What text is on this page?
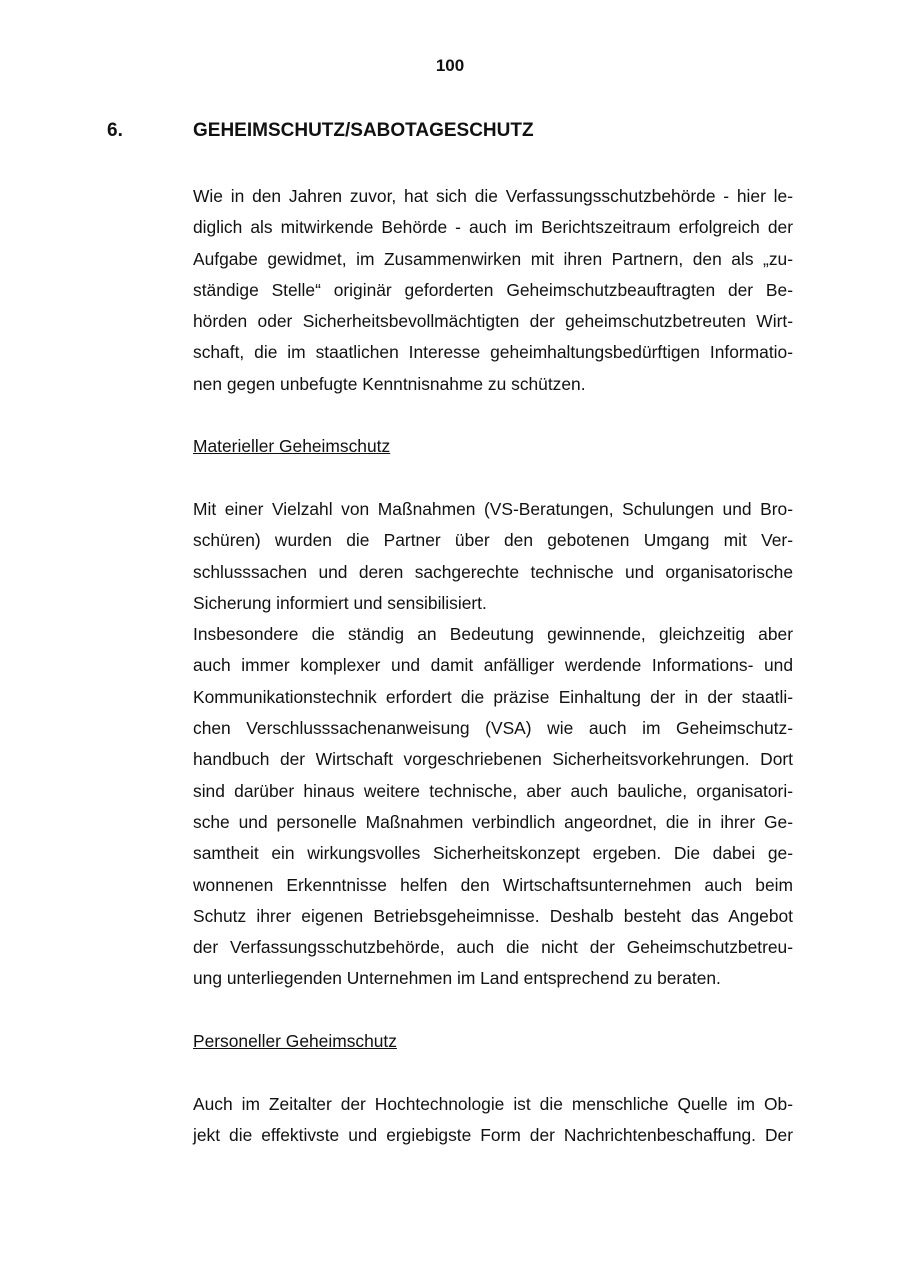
100
6.	GEHEIMSCHUTZ/SABOTAGESCHUTZ

Wie in den Jahren zuvor, hat sich die Verfassungsschutzbehörde - hier le-
diglich als mitwirkende Behörde - auch im Berichtszeitraum erfolgreich der
Aufgabe gewidmet, im Zusammenwirken mit ihren Partnern, den als „zu-
ständige Stelle“ originär geforderten Geheimschutzbeauftragten der Be-
hörden oder Sicherheitsbevollmächtigten der geheimschutzbetreuten Wirt-
schaft, die im staatlichen Interesse geheimhaltungsbedürftigen Informatio-
nen gegen unbefugte Kenntnisnahme zu schützen.

Materieller Geheimschutz

Mit einer Vielzahl von Maßnahmen (VS-Beratungen, Schulungen und Bro-
schüren) wurden die Partner über den gebotenen Umgang mit Ver-
schlusssachen und deren sachgerechte technische und organisatorische
Sicherung informiert und sensibilisiert.

Insbesondere die ständig an Bedeutung gewinnende, gleichzeitig aber
auch immer komplexer und damit anfälliger werdende Informations- und
Kommunikationstechnik erfordert die präzise Einhaltung der in der staatli-
chen Verschlusssachenanweisung (VSA) wie auch im Geheimschutz-
handbuch der Wirtschaft vorgeschriebenen Sicherheitsvorkehrungen. Dort
sind darüber hinaus weitere technische, aber auch bauliche, organisatori-
sche und personelle Maßnahmen verbindlich angeordnet, die in ihrer Ge-
samtheit ein wirkungsvolles Sicherheitskonzept ergeben. Die dabei ge-
wonnenen Erkenntnisse helfen den Wirtschaftsunternehmen auch beim
Schutz ihrer eigenen Betriebsgeheimnisse. Deshalb besteht das Angebot
der Verfassungsschutzbehörde, auch die nicht der Geheimschutzbetreu-
ung unterliegenden Unternehmen im Land entsprechend zu beraten.

Personeller Geheimschutz

Auch im Zeitalter der Hochtechnologie ist die menschliche Quelle im Ob-
jekt die effektivste und ergiebigste Form der Nachrichtenbeschaffung. Der
